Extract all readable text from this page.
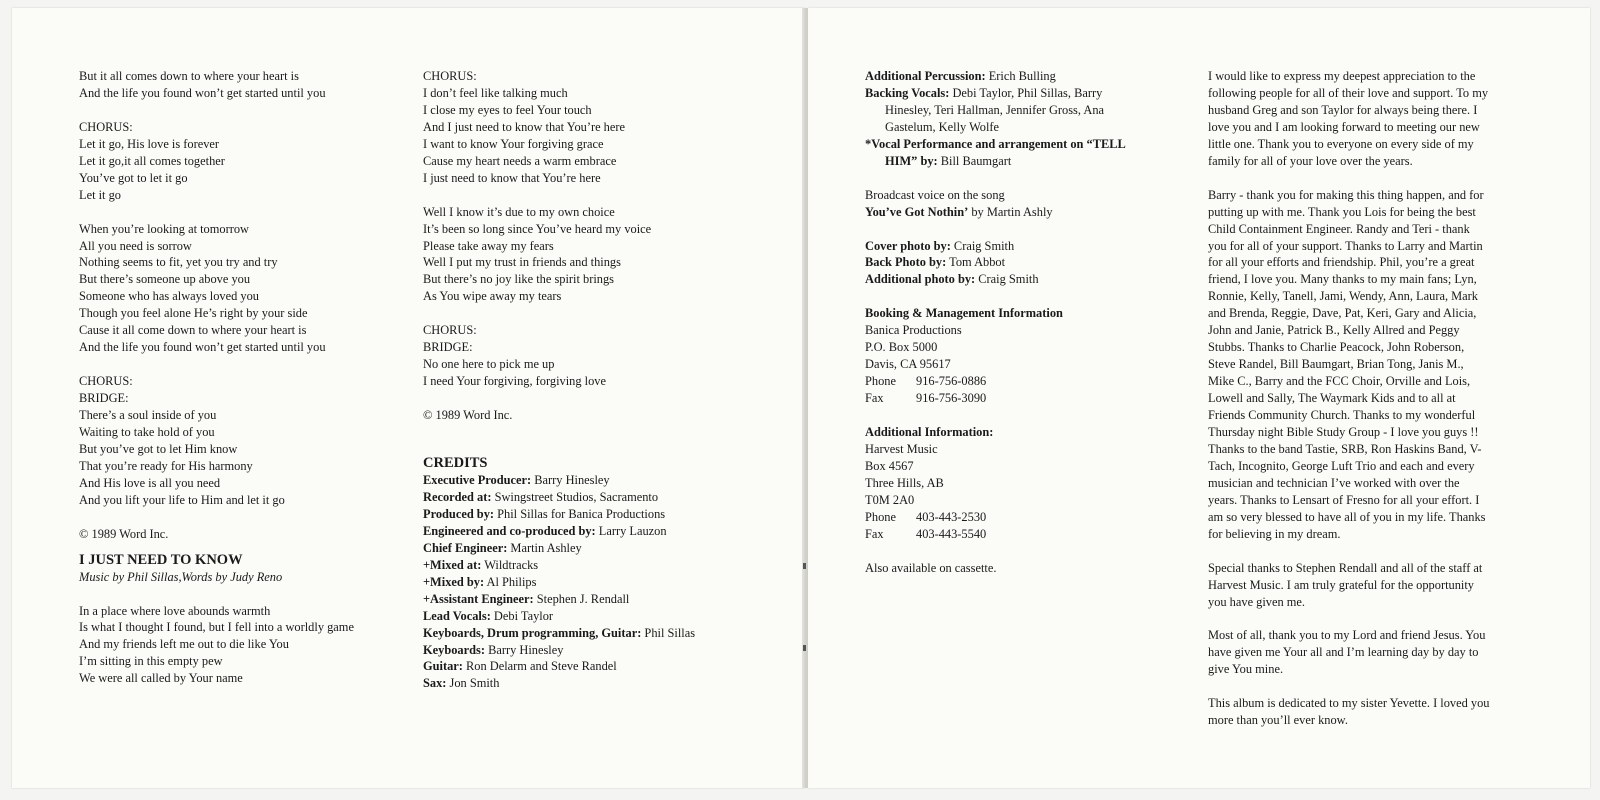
But it all comes down to where your heart is
And the life you found won’t get started until you
CHORUS:
Let it go, His love is forever
Let it go,it all comes together
You’ve got to let it go
Let it go
When you’re looking at tomorrow
All you need is sorrow
Nothing seems to fit, yet you try and try
But there’s someone up above you
Someone who has always loved you
Though you feel alone He’s right by your side
Cause it all come down to where your heart is
And the life you found won’t get started until you
CHORUS:
BRIDGE:
There’s a soul inside of you
Waiting to take hold of you
But you’ve got to let Him know
That you’re ready for His harmony
And His love is all you need
And you lift your life to Him and let it go
© 1989 Word Inc.
I JUST NEED TO KNOW
Music by Phil Sillas,Words by Judy Reno
In a place where love abounds warmth
Is what I thought I found, but I fell into a worldly game
And my friends left me out to die like You
I’m sitting in this empty pew
We were all called by Your name
CHORUS:
I don’t feel like talking much
I close my eyes to feel Your touch
And I just need to know that You’re here
I want to know Your forgiving grace
Cause my heart needs a warm embrace
I just need to know that You’re here
Well I know it’s due to my own choice
It’s been so long since You’ve heard my voice
Please take away my fears
Well I put my trust in friends and things
But there’s no joy like the spirit brings
As You wipe away my tears
CHORUS:
BRIDGE:
No one here to pick me up
I need Your forgiving, forgiving love
© 1989 Word Inc.
CREDITS
Executive Producer: Barry Hinesley
Recorded at: Swingstreet Studios, Sacramento
Produced by: Phil Sillas for Banica Productions
Engineered and co-produced by: Larry Lauzon
Chief Engineer: Martin Ashley
+Mixed at: Wildtracks
+Mixed by: Al Philips
+Assistant Engineer: Stephen J. Rendall
Lead Vocals: Debi Taylor
Keyboards, Drum programming, Guitar: Phil Sillas
Keyboards: Barry Hinesley
Guitar: Ron Delarm and Steve Randel
Sax: Jon Smith
Additional Percussion: Erich Bulling
Backing Vocals: Debi Taylor, Phil Sillas, Barry
Hinesley, Teri Hallman, Jennifer Gross, Ana
Gastelum, Kelly Wolfe
*Vocal Performance and arrangement on “TELL
HIM” by: Bill Baumgart
Broadcast voice on the song
You’ve Got Nothin’ by Martin Ashly
Cover photo by: Craig Smith
Back Photo by: Tom Abbot
Additional photo by: Craig Smith
Booking & Management Information
Banica Productions
P.O. Box 5000
Davis, CA 95617
Phone 916-756-0886
Fax	916-756-3090
Additional Information:
Harvest Music
Box 4567
Three Hills, AB
T0M 2A0
Phone 403-443-2530
Fax	403-443-5540
Also available on cassette.
I would like to express my deepest appreciation to the
following people for all of their love and support. To my
husband Greg and son Taylor for always being there. I
love you and I am looking forward to meeting our new
little one. Thank you to everyone on every side of my
family for all of your love over the years.
Barry - thank you for making this thing happen, and for
putting up with me. Thank you Lois for being the best
Child Containment Engineer. Randy and Teri - thank
you for all of your support. Thanks to Larry and Martin
for all your efforts and friendship. Phil, you’re a great
friend, I love you. Many thanks to my main fans; Lyn,
Ronnie, Kelly, Tanell, Jami, Wendy, Ann, Laura, Mark
and Brenda, Reggie, Dave, Pat, Keri, Gary and Alicia,
John and Janie, Patrick B., Kelly Allred and Peggy
Stubbs. Thanks to Charlie Peacock, John Roberson,
Steve Randel, Bill Baumgart, Brian Tong, Janis M.,
Mike C., Barry and the FCC Choir, Orville and Lois,
Lowell and Sally, The Waymark Kids and to all at
Friends Community Church. Thanks to my wonderful
Thursday night Bible Study Group - I love you guys !!
Thanks to the band Tastie, SRB, Ron Haskins Band, V-
Tach, Incognito, George Luft Trio and each and every
musician and technician I’ve worked with over the
years. Thanks to Lensart of Fresno for all your effort. I
am so very blessed to have all of you in my life. Thanks
for believing in my dream.
Special thanks to Stephen Rendall and all of the staff at
Harvest Music. I am truly grateful for the opportunity
you have given me.
Most of all, thank you to my Lord and friend Jesus. You
have given me Your all and I’m learning day by day to
give You mine.
This album is dedicated to my sister Yevette. I loved you
more than you’ll ever know.
